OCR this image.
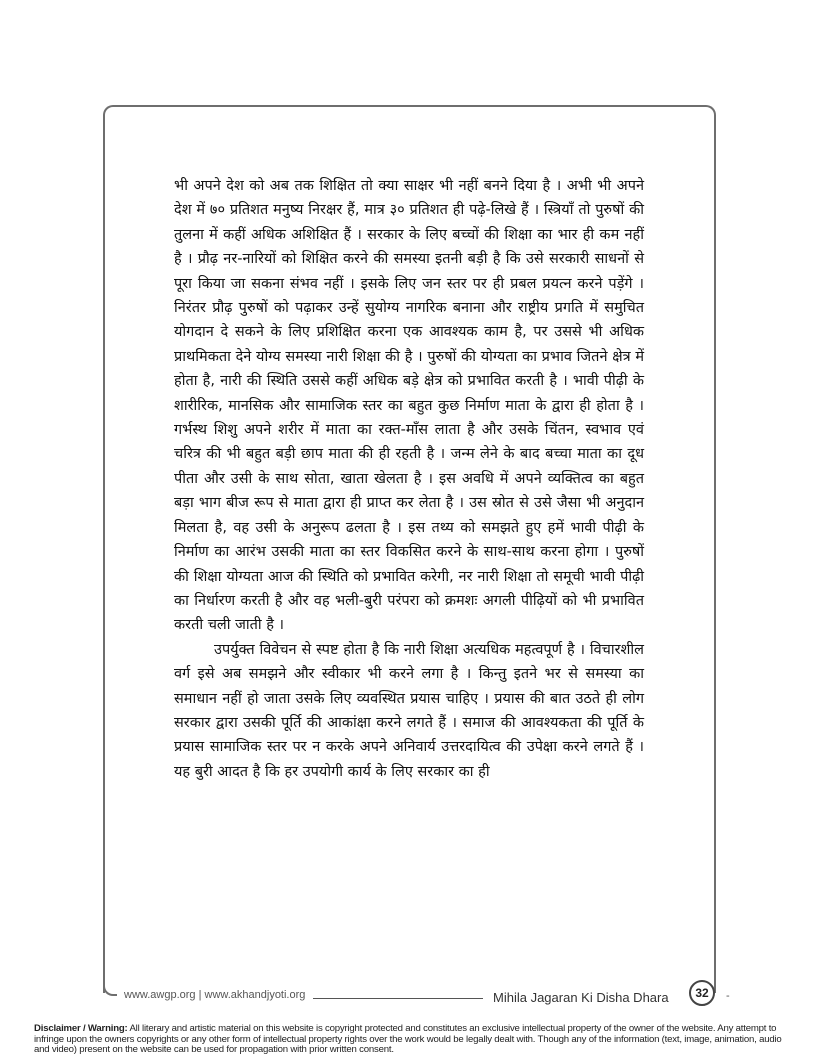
भी अपने देश को अब तक शिक्षित तो क्या साक्षर भी नहीं बनने दिया है । अभी भी अपने देश में ७० प्रतिशत मनुष्य निरक्षर हैं, मात्र ३० प्रतिशत ही पढ़े-लिखे हैं । स्त्रियाँ तो पुरुषों की तुलना में कहीं अधिक अशिक्षित हैं । सरकार के लिए बच्चों की शिक्षा का भार ही कम नहीं है । प्रौढ़ नर-नारियों को शिक्षित करने की समस्या इतनी बड़ी है कि उसे सरकारी साधनों से पूरा किया जा सकना संभव नहीं । इसके लिए जन स्तर पर ही प्रबल प्रयत्न करने पड़ेंगे । निरंतर प्रौढ़ पुरुषों को पढ़ाकर उन्हें सुयोग्य नागरिक बनाना और राष्ट्रीय प्रगति में समुचित योगदान दे सकने के लिए प्रशिक्षित करना एक आवश्यक काम है, पर उससे भी अधिक प्राथमिकता देने योग्य समस्या नारी शिक्षा की है । पुरुषों की योग्यता का प्रभाव जितने क्षेत्र में होता है, नारी की स्थिति उससे कहीं अधिक बड़े क्षेत्र को प्रभावित करती है । भावी पीढ़ी के शारीरिक, मानसिक और सामाजिक स्तर का बहुत कुछ निर्माण माता के द्वारा ही होता है । गर्भस्थ शिशु अपने शरीर में माता का रक्त-माँस लाता है और उसके चिंतन, स्वभाव एवं चरित्र की भी बहुत बड़ी छाप माता की ही रहती है । जन्म लेने के बाद बच्चा माता का दूध पीता और उसी के साथ सोता, खाता खेलता है । इस अवधि में अपने व्यक्तित्व का बहुत बड़ा भाग बीज रूप से माता द्वारा ही प्राप्त कर लेता है । उस स्रोत से उसे जैसा भी अनुदान मिलता है, वह उसी के अनुरूप ढलता है । इस तथ्य को समझते हुए हमें भावी पीढ़ी के निर्माण का आरंभ उसकी माता का स्तर विकसित करने के साथ-साथ करना होगा । पुरुषों की शिक्षा योग्यता आज की स्थिति को प्रभावित करेगी, नर नारी शिक्षा तो समूची भावी पीढ़ी का निर्धारण करती है और वह भली-बुरी परंपरा को क्रमशः अगली पीढ़ियों को भी प्रभावित करती चली जाती है ।

उपर्युक्त विवेचन से स्पष्ट होता है कि नारी शिक्षा अत्यधिक महत्वपूर्ण है । विचारशील वर्ग इसे अब समझने और स्वीकार भी करने लगा है । किन्तु इतने भर से समस्या का समाधान नहीं हो जाता उसके लिए व्यवस्थित प्रयास चाहिए । प्रयास की बात उठते ही लोग सरकार द्वारा उसकी पूर्ति की आकांक्षा करने लगते हैं । समाज की आवश्यकता की पूर्ति के प्रयास सामाजिक स्तर पर न करके अपने अनिवार्य उत्तरदायित्व की उपेक्षा करने लगते हैं । यह बुरी आदत है कि हर उपयोगी कार्य के लिए सरकार का ही

www.awgp.org | www.akhandjyoti.org	Mihila Jagaran Ki Disha Dhara	32	-
Disclaimer / Warning: All literary and artistic material on this website is copyright protected and constitutes an exclusive intellectual property of the owner of the website. Any attempt to infringe upon the owners copyrights or any other form of intellectual property rights over the work would be legally dealt with. Though any of the information (text, image, animation, audio and video) present on the website can be used for propagation with prior written consent.
